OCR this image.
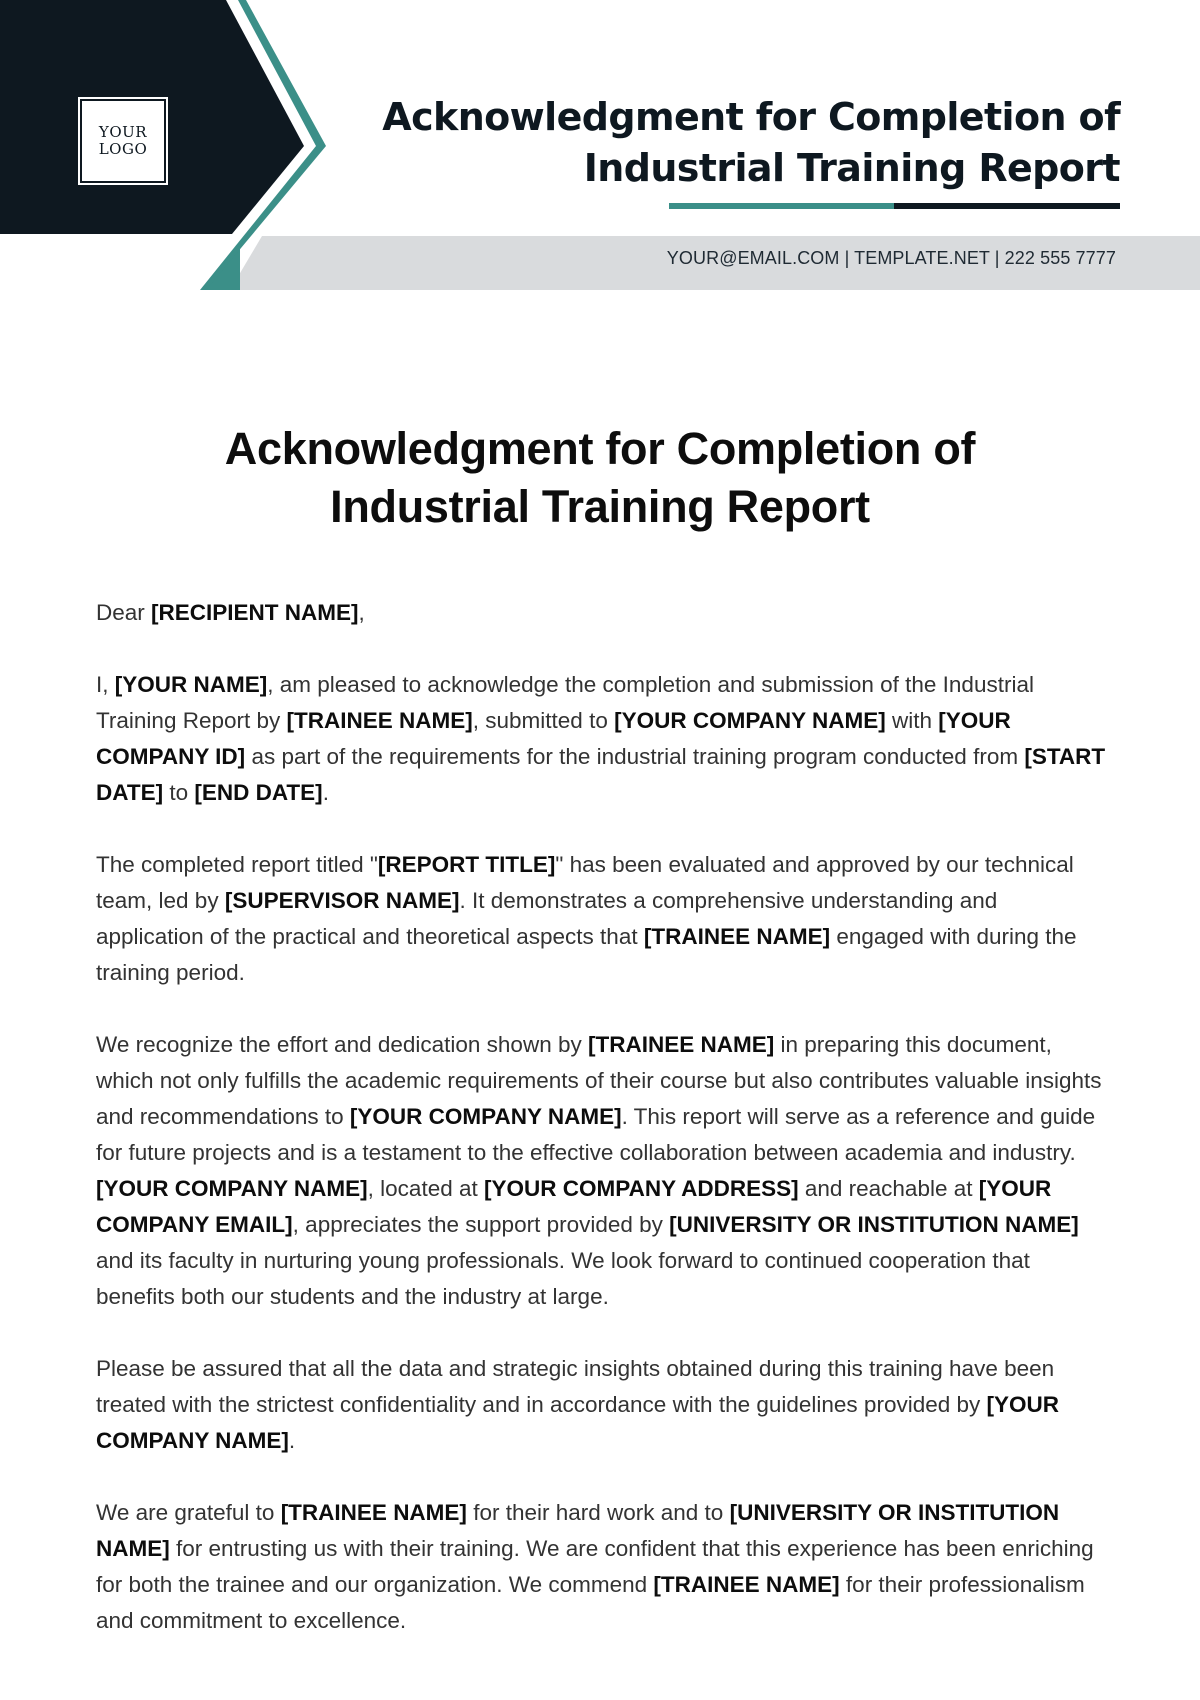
YOUR
LOGO
Acknowledgment for Completion of
Industrial Training Report
YOUR@EMAIL.COM | TEMPLATE.NET | 222 555 7777
Acknowledgment for Completion of
Industrial Training Report

Dear [RECIPIENT NAME],

I, [YOUR NAME], am pleased to acknowledge the completion and submission of the Industrial Training Report by [TRAINEE NAME], submitted to [YOUR COMPANY NAME] with [YOUR COMPANY ID] as part of the requirements for the industrial training program conducted from [START DATE] to [END DATE].

The completed report titled "[REPORT TITLE]" has been evaluated and approved by our technical team, led by [SUPERVISOR NAME]. It demonstrates a comprehensive understanding and application of the practical and theoretical aspects that [TRAINEE NAME] engaged with during the training period.

We recognize the effort and dedication shown by [TRAINEE NAME] in preparing this document, which not only fulfills the academic requirements of their course but also contributes valuable insights and recommendations to [YOUR COMPANY NAME]. This report will serve as a reference and guide for future projects and is a testament to the effective collaboration between academia and industry.

[YOUR COMPANY NAME], located at [YOUR COMPANY ADDRESS] and reachable at [YOUR COMPANY EMAIL], appreciates the support provided by [UNIVERSITY OR INSTITUTION NAME] and its faculty in nurturing young professionals. We look forward to continued cooperation that benefits both our students and the industry at large.

Please be assured that all the data and strategic insights obtained during this training have been treated with the strictest confidentiality and in accordance with the guidelines provided by [YOUR COMPANY NAME].

We are grateful to [TRAINEE NAME] for their hard work and to [UNIVERSITY OR INSTITUTION NAME] for entrusting us with their training. We are confident that this experience has been enriching for both the trainee and our organization. We commend [TRAINEE NAME] for their professionalism and commitment to excellence.
